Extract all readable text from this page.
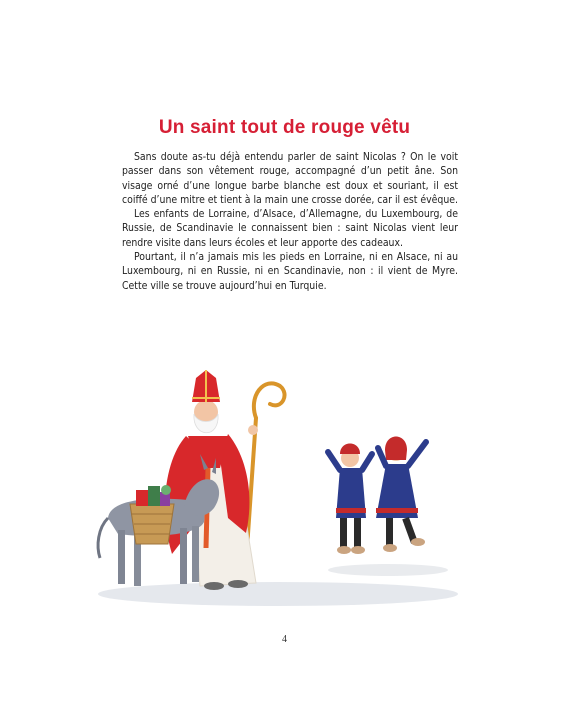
Un saint tout de rouge vêtu

Sans doute as-tu déjà entendu parler de saint Nicolas ? On le voit passer dans son vêtement rouge, accompagné d’un petit âne. Son visage orné d’une longue barbe blanche est doux et souriant, il est coiffé d’une mitre et tient à la main une crosse dorée, car il est évêque.

Les enfants de Lorraine, d’Alsace, d’Allemagne, du Luxembourg, de Russie, de Scandinavie le connaissent bien : saint Nicolas vient leur rendre visite dans leurs écoles et leur apporte des cadeaux.

Pourtant, il n’a jamais mis les pieds en Lorraine, ni en Alsace, ni au Luxembourg, ni en Russie, ni en Scandinavie, non : il vient de Myre. Cette ville se trouve aujourd’hui en Turquie.

4
